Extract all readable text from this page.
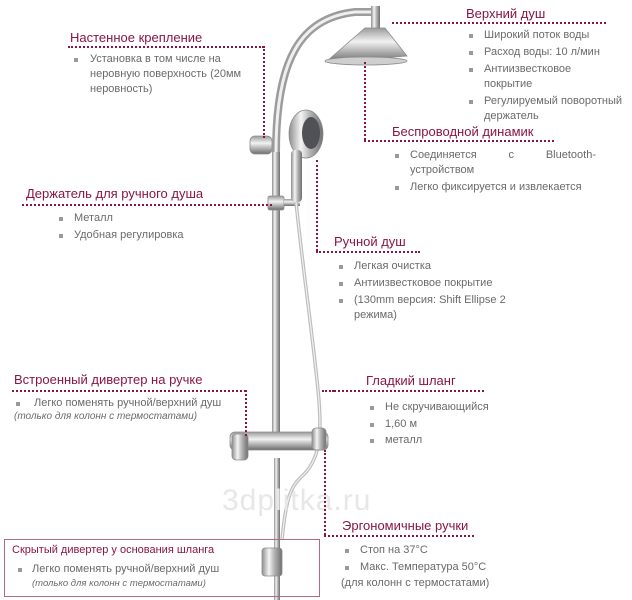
3dplitka.ru
Настенное крепление
Установка в том числе на неровную поверхность (20мм неровность)
Держатель для ручного душа
Металл
Удобная регулировка
Встроенный дивертер на ручке
Легко поменять ручной/верхний душ
(только для колонн с термостатами)
Скрытый дивертер у основания шланга
Легко поменять ручной/верхний душ
(только для колонн с термостатами)
Верхний душ
Широкий поток воды
Расход воды: 10 л/мин
Антиизвестковое покрытие
Регулируемый поворотный держатель
Беспроводной динамик
Соединяется с Bluetooth-устройством
Легко фиксируется и извлекается
Ручной душ
Легкая очистка
Антиизвестковое покрытие
(130mm версия: Shift Ellipse 2 режима)
Гладкий шланг
Не скручивающийся
1,60 м
металл
Эргономичные ручки
Стоп на 37°C
Макс. Температура 50°C
(для колонн с термостатами)
